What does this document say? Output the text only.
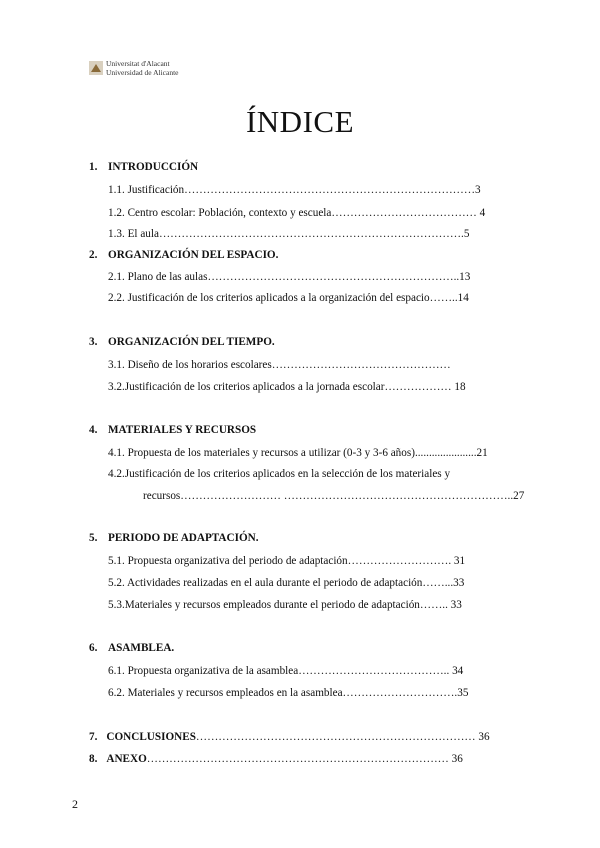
Universitat d'Alacant
Universidad de Alicante
ÍNDICE
1. INTRODUCCIÓN
1.1. Justificación……………………………………………………………………3
1.2. Centro escolar: Población, contexto y escuela………………………………… 4
1.3. El aula……………………………………………………………………….5
2. ORGANIZACIÓN DEL ESPACIO.
2.1. Plano de las aulas…………………………………………………………..13
2.2. Justificación de los criterios aplicados a la organización del espacio……..14
3. ORGANIZACIÓN DEL TIEMPO.
3.1. Diseño de los horarios escolares…………………………………………
3.2.Justificación de los criterios aplicados a la jornada escolar……………… 18
4. MATERIALES Y RECURSOS
4.1. Propuesta de los materiales y recursos a utilizar (0-3 y 3-6 años)......................21
4.2.Justificación de los criterios aplicados en la selección de los materiales y
recursos……………………… ……………………………………………………..27
5. PERIODO DE ADAPTACIÓN.
5.1. Propuesta organizativa del periodo de adaptación………………………. 31
5.2. Actividades realizadas en el aula durante el periodo de adaptación……...33
5.3.Materiales y recursos empleados durante el periodo de adaptación…….. 33
6. ASAMBLEA.
6.1. Propuesta organizativa de la asamblea………………………………….. 34
6.2. Materiales y recursos empleados en la asamblea………………………….35
7. CONCLUSIONES………………………………………………………………… 36
8. ANEXO……………………………………………………………………… 36
2
